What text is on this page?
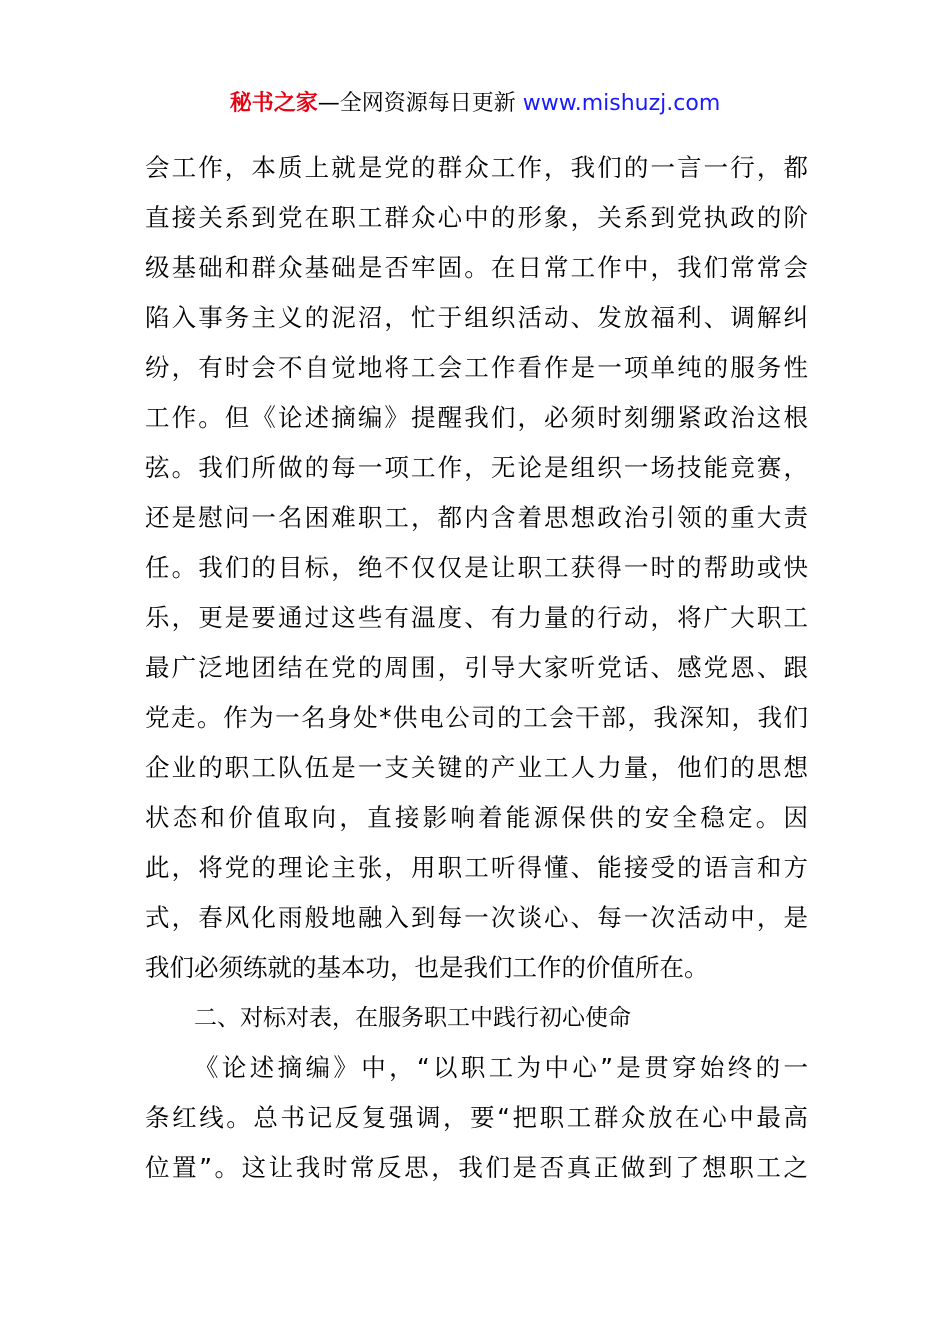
秘书之家—全网资源每日更新 www.mishuzj.com
会工作，本质上就是党的群众工作，我们的一言一行，都
直接关系到党在职工群众心中的形象，关系到党执政的阶
级基础和群众基础是否牢固。在日常工作中，我们常常会
陷入事务主义的泥沼，忙于组织活动、发放福利、调解纠
纷，有时会不自觉地将工会工作看作是一项单纯的服务性
工作。但《论述摘编》提醒我们，必须时刻绷紧政治这根
弦。我们所做的每一项工作，无论是组织一场技能竞赛，
还是慰问一名困难职工，都内含着思想政治引领的重大责
任。我们的目标，绝不仅仅是让职工获得一时的帮助或快
乐，更是要通过这些有温度、有力量的行动，将广大职工
最广泛地团结在党的周围，引导大家听党话、感党恩、跟
党走。作为一名身处*供电公司的工会干部，我深知，我们
企业的职工队伍是一支关键的产业工人力量，他们的思想
状态和价值取向，直接影响着能源保供的安全稳定。因
此，将党的理论主张，用职工听得懂、能接受的语言和方
式，春风化雨般地融入到每一次谈心、每一次活动中，是
我们必须练就的基本功，也是我们工作的价值所在。
二、对标对表，在服务职工中践行初心使命
《论述摘编》中，“以职工为中心”是贯穿始终的一
条红线。总书记反复强调，要“把职工群众放在心中最高
位置”。这让我时常反思，我们是否真正做到了想职工之
